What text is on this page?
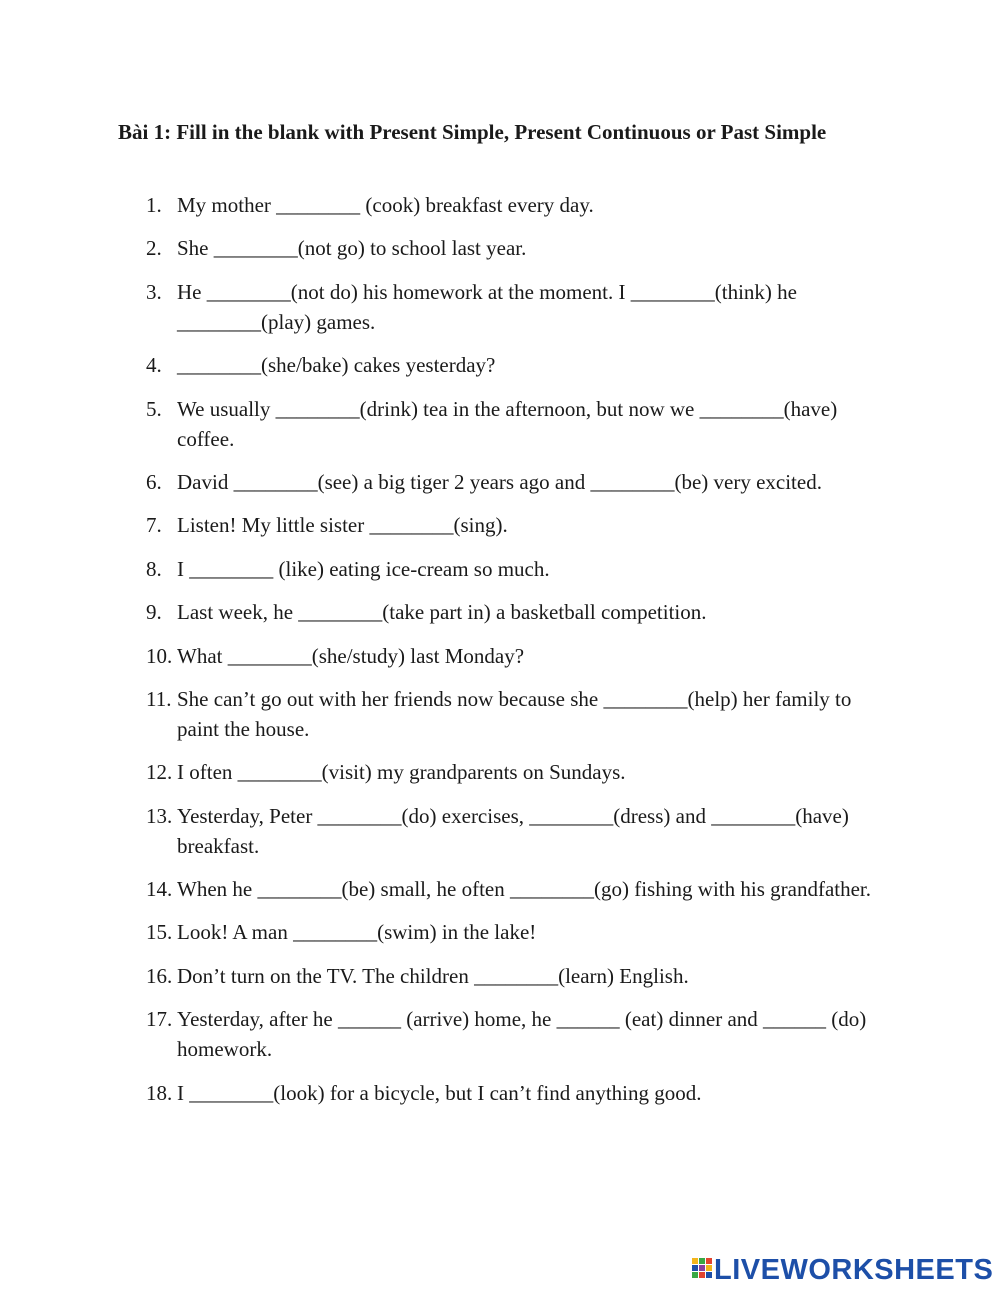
Bài 1: Fill in the blank with Present Simple, Present Continuous or Past Simple
1. My mother ________ (cook) breakfast every day.
2. She ________(not go) to school last year.
3. He ________(not do) his homework at the moment. I ________(think) he ________(play) games.
4. ________(she/bake) cakes yesterday?
5. We usually ________(drink) tea in the afternoon, but now we ________(have) coffee.
6. David ________(see) a big tiger 2 years ago and ________(be) very excited.
7. Listen! My little sister ________(sing).
8. I ________ (like) eating ice-cream so much.
9. Last week, he ________(take part in) a basketball competition.
10. What ________(she/study) last Monday?
11. She can’t go out with her friends now because she ________(help) her family to paint the house.
12. I often ________(visit) my grandparents on Sundays.
13. Yesterday, Peter ________(do) exercises, ________(dress) and ________(have) breakfast.
14. When he ________(be) small, he often ________(go) fishing with his grandfather.
15. Look! A man ________(swim) in the lake!
16. Don’t turn on the TV. The children ________(learn) English.
17. Yesterday, after he ______ (arrive) home, he ______ (eat) dinner and ______ (do) homework.
18. I ________(look) for a bicycle, but I can’t find anything good.
LIVEWORKSHEETS
